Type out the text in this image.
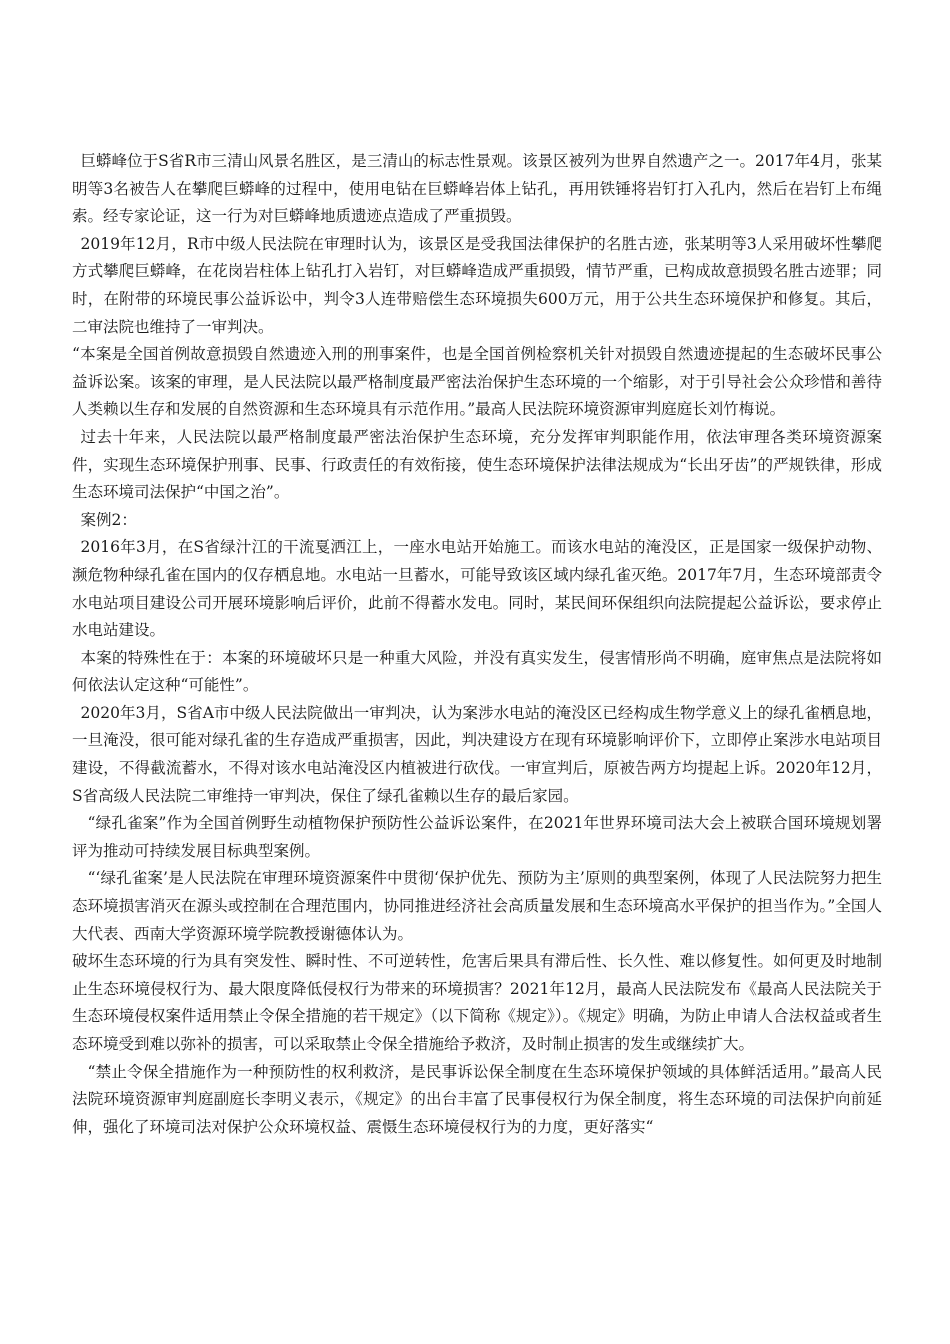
巨蟒峰位于S省R市三清山风景名胜区，是三清山的标志性景观。该景区被列为世界自然遗产之一。2017年4月，张某明等3名被告人在攀爬巨蟒峰的过程中，使用电钻在巨蟒峰岩体上钻孔，再用铁锤将岩钉打入孔内，然后在岩钉上布绳索。经专家论证，这一行为对巨蟒峰地质遗迹点造成了严重损毁。

2019年12月，R市中级人民法院在审理时认为，该景区是受我国法律保护的名胜古迹，张某明等3人采用破坏性攀爬方式攀爬巨蟒峰，在花岗岩柱体上钻孔打入岩钉，对巨蟒峰造成严重损毁，情节严重，已构成故意损毁名胜古迹罪；同时，在附带的环境民事公益诉讼中，判令3人连带赔偿生态环境损失600万元，用于公共生态环境保护和修复。其后，二审法院也维持了一审判决。

“本案是全国首例故意损毁自然遗迹入刑的刑事案件，也是全国首例检察机关针对损毁自然遗迹提起的生态破坏民事公益诉讼案。该案的审理，是人民法院以最严格制度最严密法治保护生态环境的一个缩影，对于引导社会公众珍惜和善待人类赖以生存和发展的自然资源和生态环境具有示范作用。”最高人民法院环境资源审判庭庭长刘竹梅说。

过去十年来，人民法院以最严格制度最严密法治保护生态环境，充分发挥审判职能作用，依法审理各类环境资源案件，实现生态环境保护刑事、民事、行政责任的有效衔接，使生态环境保护法律法规成为“长出牙齿”的严规铁律，形成生态环境司法保护“中国之治”。

案例2：

2016年3月，在S省绿汁江的干流戛洒江上，一座水电站开始施工。而该水电站的淹没区，正是国家一级保护动物、濒危物种绿孔雀在国内的仅存栖息地。水电站一旦蓄水，可能导致该区域内绿孔雀灭绝。2017年7月，生态环境部责令水电站项目建设公司开展环境影响后评价，此前不得蓄水发电。同时，某民间环保组织向法院提起公益诉讼，要求停止水电站建设。

本案的特殊性在于：本案的环境破坏只是一种重大风险，并没有真实发生，侵害情形尚不明确，庭审焦点是法院将如何依法认定这种“可能性”。

2020年3月，S省A市中级人民法院做出一审判决，认为案涉水电站的淹没区已经构成生物学意义上的绿孔雀栖息地，一旦淹没，很可能对绿孔雀的生存造成严重损害，因此，判决建设方在现有环境影响评价下，立即停止案涉水电站项目建设，不得截流蓄水，不得对该水电站淹没区内植被进行砍伐。一审宣判后，原被告两方均提起上诉。2020年12月，S省高级人民法院二审维持一审判决，保住了绿孔雀赖以生存的最后家园。

“绿孔雀案”作为全国首例野生动植物保护预防性公益诉讼案件，在2021年世界环境司法大会上被联合国环境规划署评为推动可持续发展目标典型案例。

“‘绿孔雀案’是人民法院在审理环境资源案件中贯彻‘保护优先、预防为主’原则的典型案例，体现了人民法院努力把生态环境损害消灭在源头或控制在合理范围内，协同推进经济社会高质量发展和生态环境高水平保护的担当作为。”全国人大代表、西南大学资源环境学院教授谢德体认为。

破坏生态环境的行为具有突发性、瞬时性、不可逆转性，危害后果具有滞后性、长久性、难以修复性。如何更及时地制止生态环境侵权行为、最大限度降低侵权行为带来的环境损害？2021年12月，最高人民法院发布《最高人民法院关于生态环境侵权案件适用禁止令保全措施的若干规定》（以下简称《规定》）。《规定》明确，为防止申请人合法权益或者生态环境受到难以弥补的损害，可以采取禁止令保全措施给予救济，及时制止损害的发生或继续扩大。

“禁止令保全措施作为一种预防性的权利救济，是民事诉讼保全制度在生态环境保护领域的具体鲜活适用。”最高人民法院环境资源审判庭副庭长李明义表示，《规定》的出台丰富了民事侵权行为保全制度，将生态环境的司法保护向前延伸，强化了环境司法对保护公众环境权益、震慑生态环境侵权行为的力度，更好落实“
